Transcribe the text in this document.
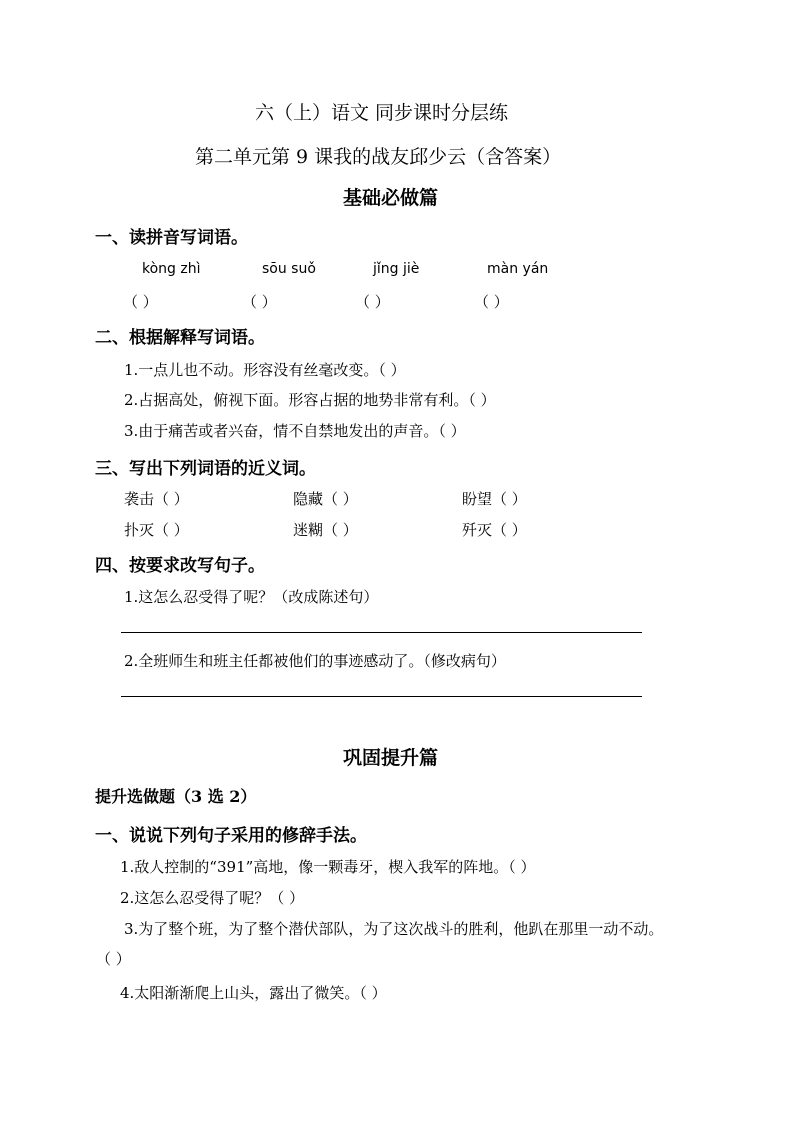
六（上）语文 同步课时分层练
第二单元第 9 课我的战友邱少云（含答案）
基础必做篇
一、读拼音写词语。
kòng zhì	sōu suǒ	jǐng jiè	màn yán
（ ）	（ ）	（ ）	（ ）
二、根据解释写词语。
1.一点儿也不动。形容没有丝毫改变。（ ）
2.占据高处，俯视下面。形容占据的地势非常有利。（ ）
3.由于痛苦或者兴奋，情不自禁地发出的声音。（ ）
三、写出下列词语的近义词。
袭击（ ）	隐藏（ ）	盼望（ ）
扑灭（ ）	迷糊（ ）	歼灭（ ）
四、按要求改写句子。
1.这怎么忍受得了呢？（改成陈述句）
2.全班师生和班主任都被他们的事迹感动了。（修改病句）
巩固提升篇
提升选做题（3 选 2）
一、说说下列句子采用的修辞手法。
1.敌人控制的“391”高地，像一颗毒牙，楔入我军的阵地。（ ）
2.这怎么忍受得了呢？（ ）
3.为了整个班，为了整个潜伏部队，为了这次战斗的胜利，他趴在那里一动不动。
（ ）
4.太阳渐渐爬上山头，露出了微笑。（ ）
